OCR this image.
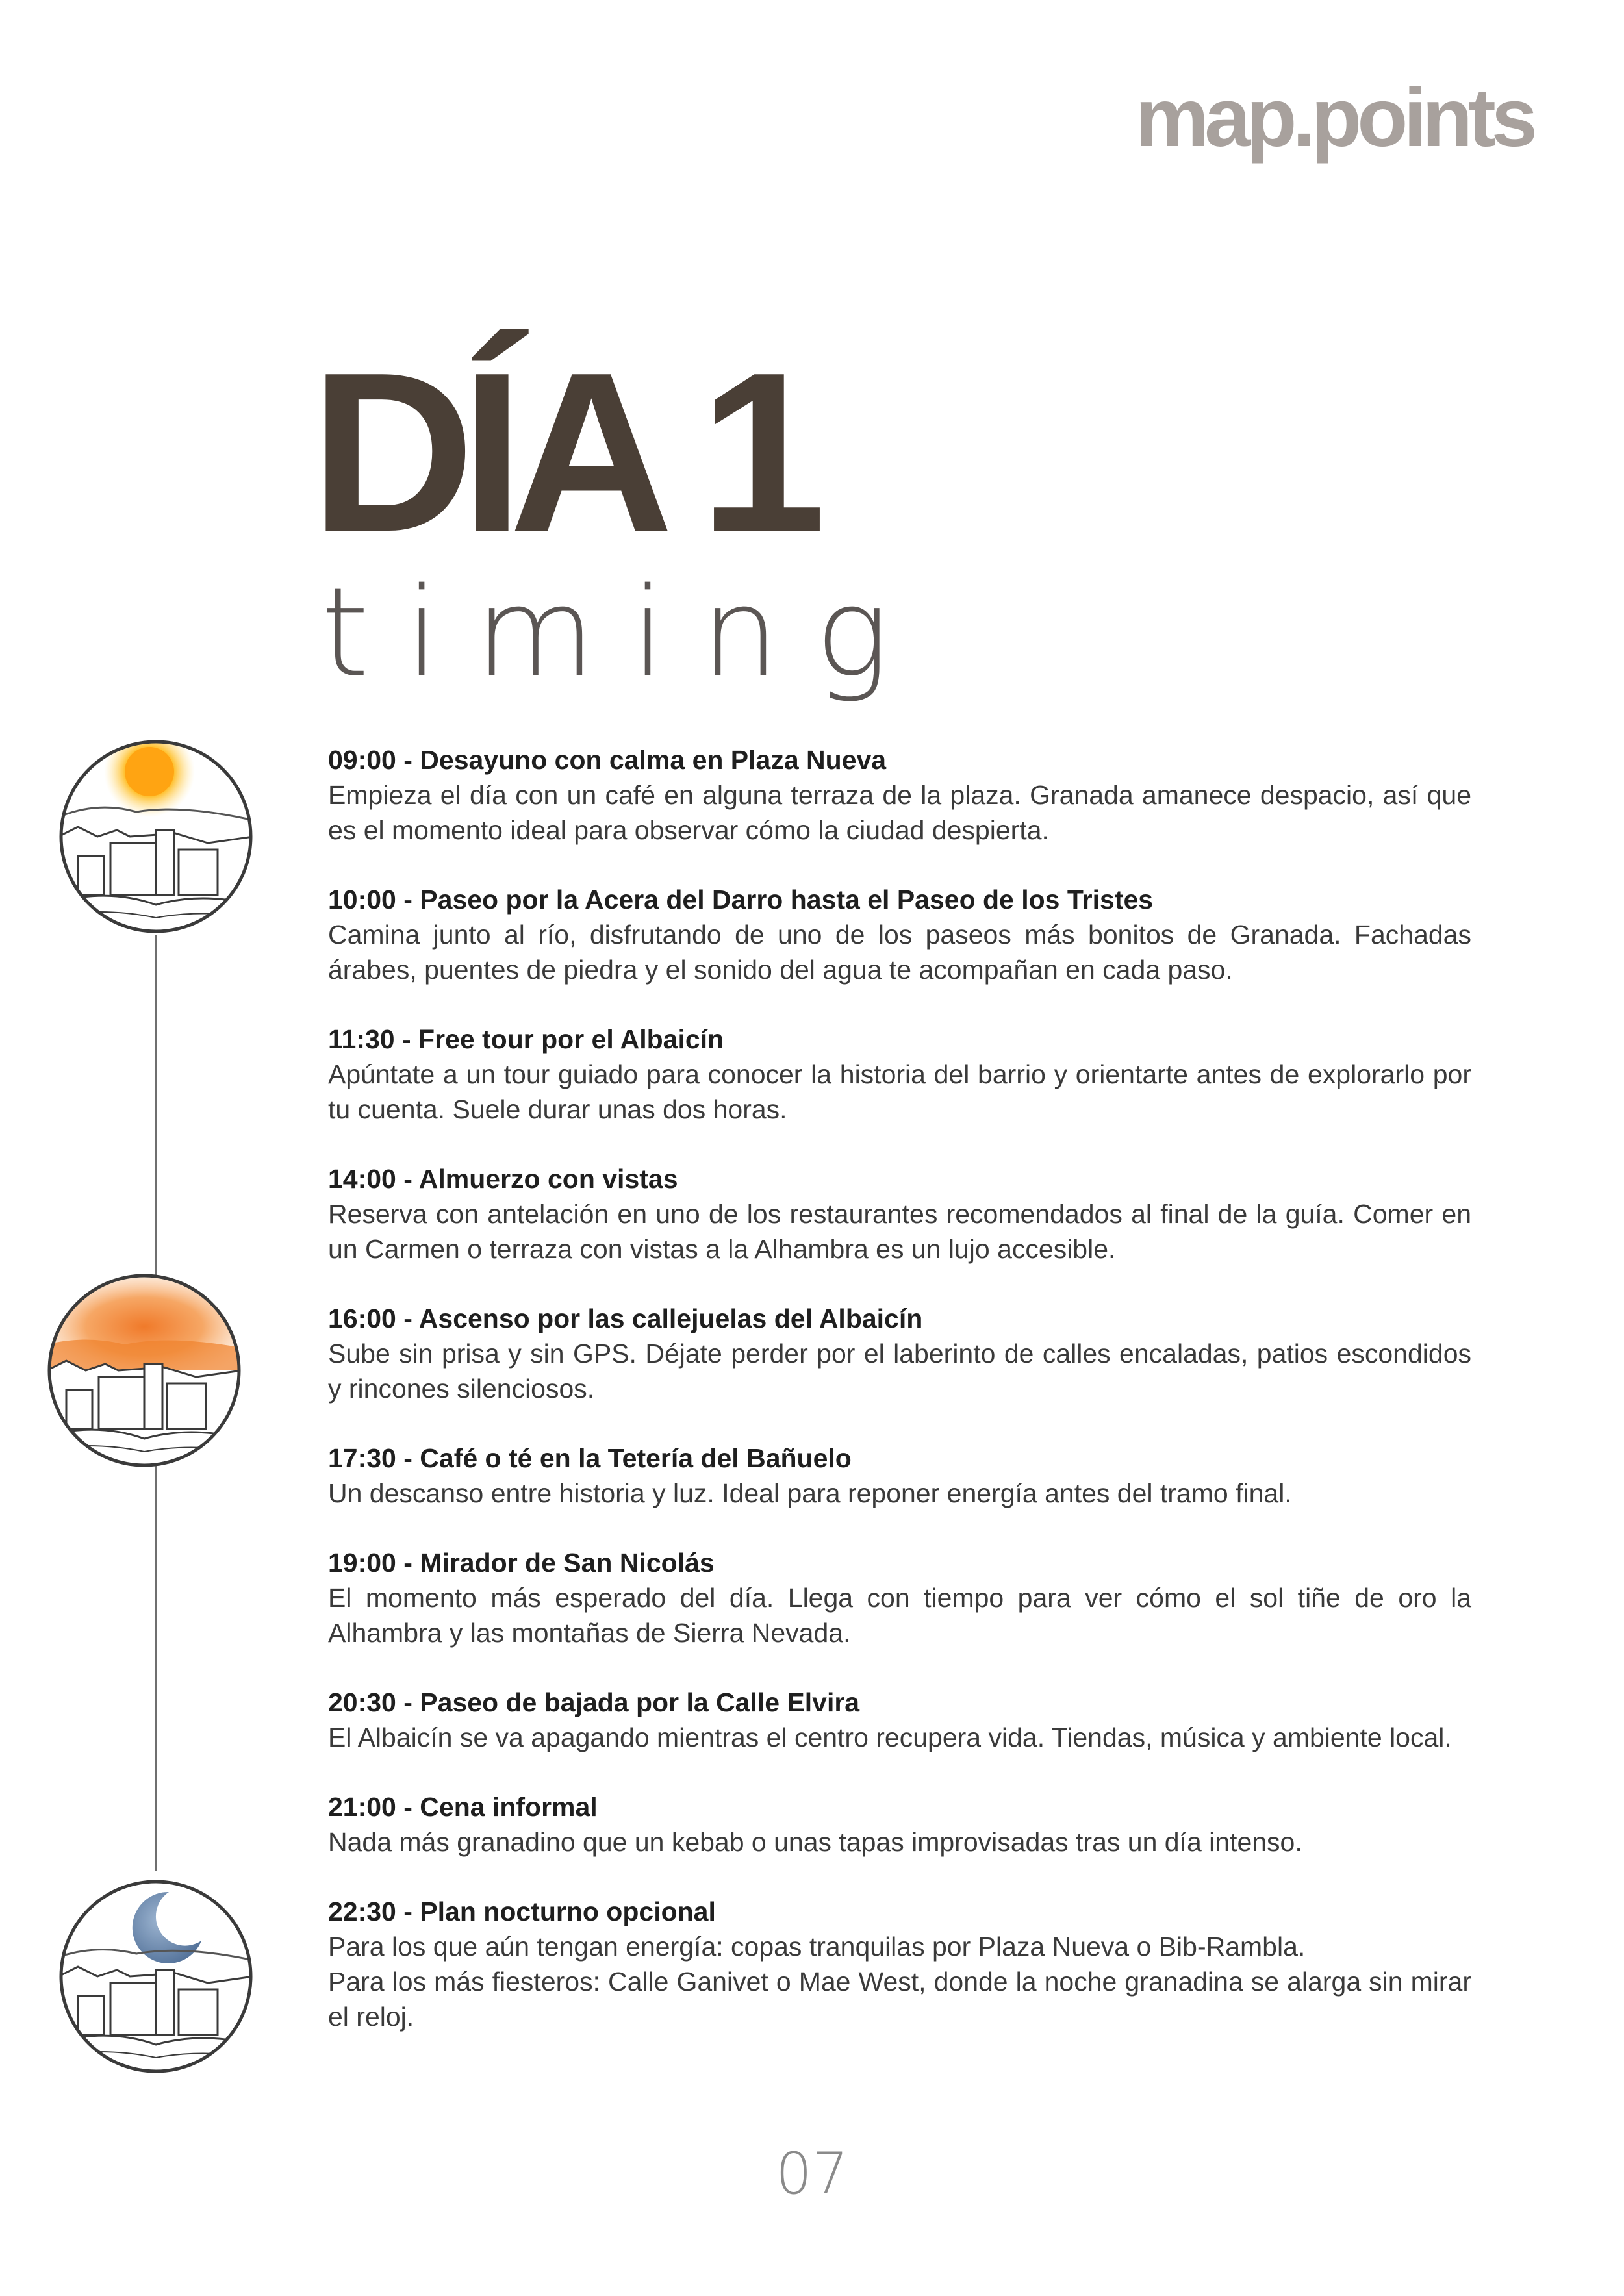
map.points
DÍA 1
timing

09:00 - Desayuno con calma en Plaza Nueva

Empieza el día con un café en alguna terraza de la plaza. Granada amanece despacio, así que es el momento ideal para observar cómo la ciudad despierta.

10:00 - Paseo por la Acera del Darro hasta el Paseo de los Tristes

Camina junto al río, disfrutando de uno de los paseos más bonitos de Granada. Fachadas árabes, puentes de piedra y el sonido del agua te acompañan en cada paso.

11:30 - Free tour por el Albaicín

Apúntate a un tour guiado para conocer la historia del barrio y orientarte antes de explorarlo por tu cuenta. Suele durar unas dos horas.

14:00 - Almuerzo con vistas

Reserva con antelación en uno de los restaurantes recomendados al final de la guía. Comer en un Carmen o terraza con vistas a la Alhambra es un lujo accesible.

16:00 - Ascenso por las callejuelas del Albaicín

Sube sin prisa y sin GPS. Déjate perder por el laberinto de calles encaladas, patios escondidos y rincones silenciosos.

17:30 - Café o té en la Tetería del Bañuelo

Un descanso entre historia y luz. Ideal para reponer energía antes del tramo final.

19:00 - Mirador de San Nicolás

El momento más esperado del día. Llega con tiempo para ver cómo el sol tiñe de oro la Alhambra y las montañas de Sierra Nevada.

20:30 - Paseo de bajada por la Calle Elvira

El Albaicín se va apagando mientras el centro recupera vida. Tiendas, música y ambiente local.

21:00 - Cena informal

Nada más granadino que un kebab o unas tapas improvisadas tras un día intenso.

22:30 - Plan nocturno opcional

Para los que aún tengan energía: copas tranquilas por Plaza Nueva o Bib-Rambla.

Para los más fiesteros: Calle Ganivet o Mae West, donde la noche granadina se alarga sin mirar el reloj.

07
